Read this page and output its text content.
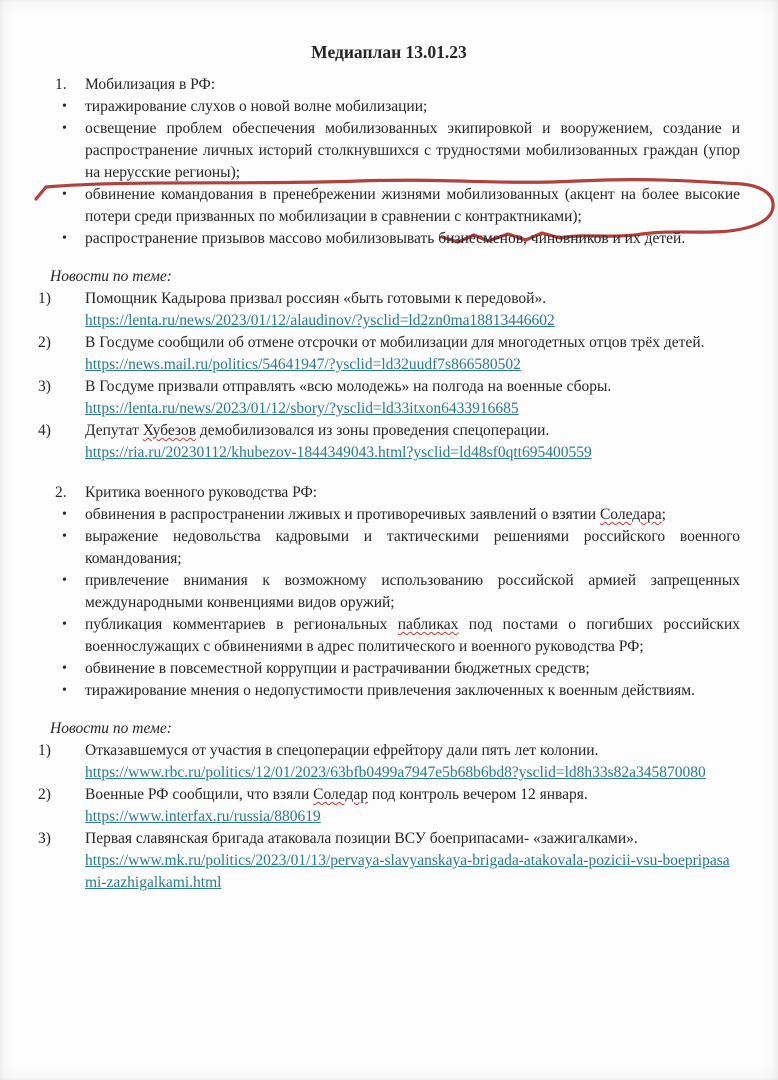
Медиаплан 13.01.23
1.	Мобилизация в РФ:
•	тиражирование слухов о новой волне мобилизации;
•	освещение проблем обеспечения мобилизованных экипировкой и вооружением, создание и распространение личных историй столкнувшихся с трудностями мобилизованных граждан (упор на нерусские регионы);
•	обвинение командования в пренебрежении жизнями мобилизованных (акцент на более высокие потери среди призванных по мобилизации в сравнении с контрактниками);
•	распространение призывов массово мобилизовывать бизнесменов, чиновников и их детей.
Новости по теме:
1)	Помощник Кадырова призвал россиян «быть готовыми к передовой».
https://lenta.ru/news/2023/01/12/alaudinov/?ysclid=ld2zn0ma18813446602
2)	В Госдуме сообщили об отмене отсрочки от мобилизации для многодетных отцов трёх детей.
https://news.mail.ru/politics/54641947/?ysclid=ld32uudf7s866580502
3)	В Госдуме призвали отправлять «всю молодежь» на полгода на военные сборы.
https://lenta.ru/news/2023/01/12/sbory/?ysclid=ld33itxon6433916685
4)	Депутат Хубезов демобилизовался из зоны проведения спецоперации.
https://ria.ru/20230112/khubezov-1844349043.html?ysclid=ld48sf0qtt695400559
2.	Критика военного руководства РФ:
•	обвинения в распространении лживых и противоречивых заявлений о взятии Соледара;
•	выражение недовольства кадровыми и тактическими решениями российского военного командования;
•	привлечение внимания к возможному использованию российской армией запрещенных международными конвенциями видов оружий;
•	публикация комментариев в региональных пабликах под постами о погибших российских военнослужащих с обвинениями в адрес политического и военного руководства РФ;
•	обвинение в повсеместной коррупции и растрачивании бюджетных средств;
•	тиражирование мнения о недопустимости привлечения заключенных к военным действиям.
Новости по теме:
1)	Отказавшемуся от участия в спецоперации ефрейтору дали пять лет колонии.
https://www.rbc.ru/politics/12/01/2023/63bfb0499a7947e5b68b6bd8?ysclid=ld8h33s82a345870080
2)	Военные РФ сообщили, что взяли Соледар под контроль вечером 12 января.
https://www.interfax.ru/russia/880619
3)	Первая славянская бригада атаковала позиции ВСУ боеприпасами- «зажигалками».
https://www.mk.ru/politics/2023/01/13/pervaya-slavyanskaya-brigada-atakovala-pozicii-vsu-boepripasami-zazhigalkami.html
